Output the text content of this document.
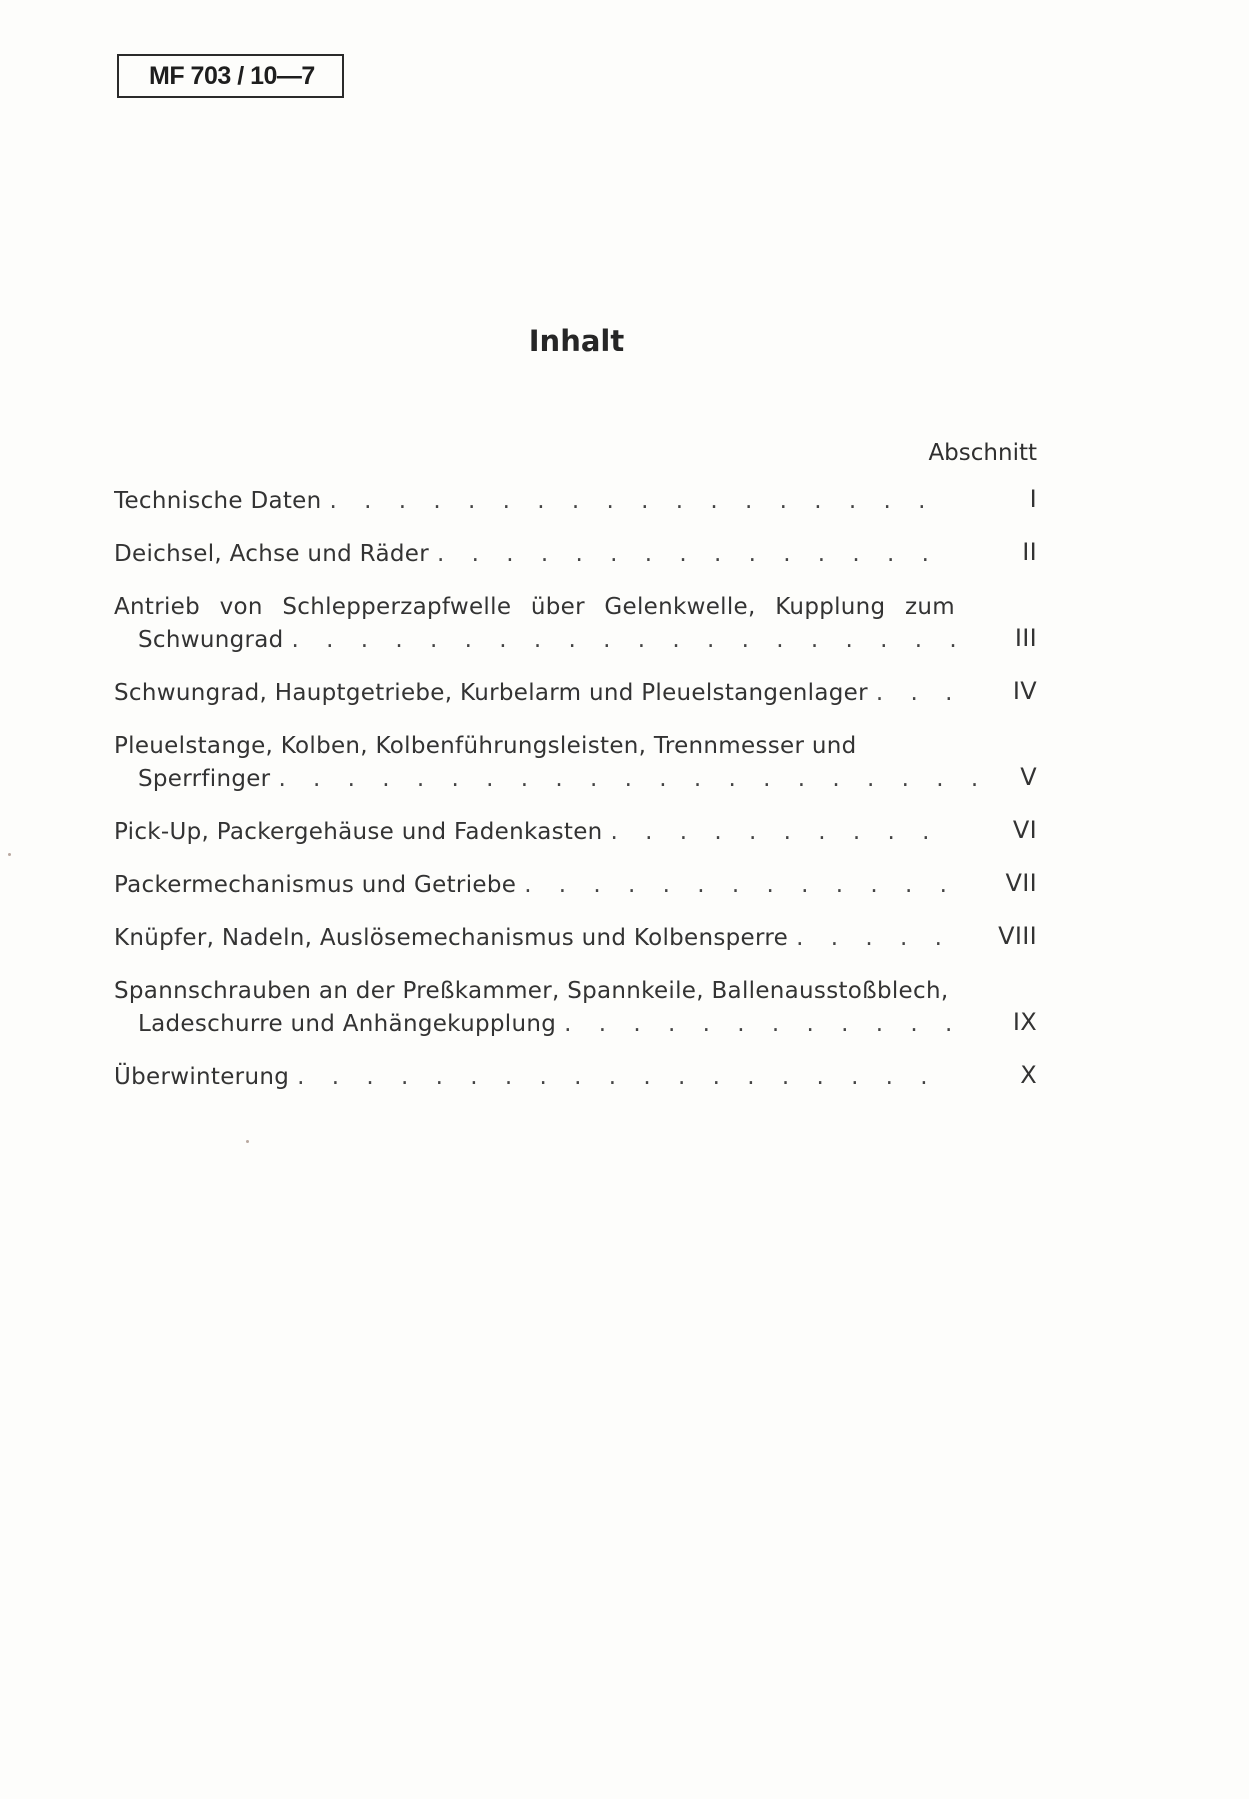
MF 703 / 10—7
Inhalt
Abschnitt
Technische Daten . . .	I
Deichsel, Achse und Räder . . .	II
Antrieb von Schlepperzapfwelle über Gelenkwelle, Kupplung zum
Schwungrad . . .	III
Schwungrad, Hauptgetriebe, Kurbelarm und Pleuelstangenlager . . .	IV
Pleuelstange, Kolben, Kolbenführungsleisten, Trennmesser und
Sperrfinger . . .	V
Pick-Up, Packergehäuse und Fadenkasten . . .	VI
Packermechanismus und Getriebe . . .	VII
Knüpfer, Nadeln, Auslösemechanismus und Kolbensperre . . .	VIII
Spannschrauben an der Preßkammer, Spannkeile, Ballenausstoßblech,
Ladeschurre und Anhängekupplung . . .	IX
Überwinterung . . .	X
